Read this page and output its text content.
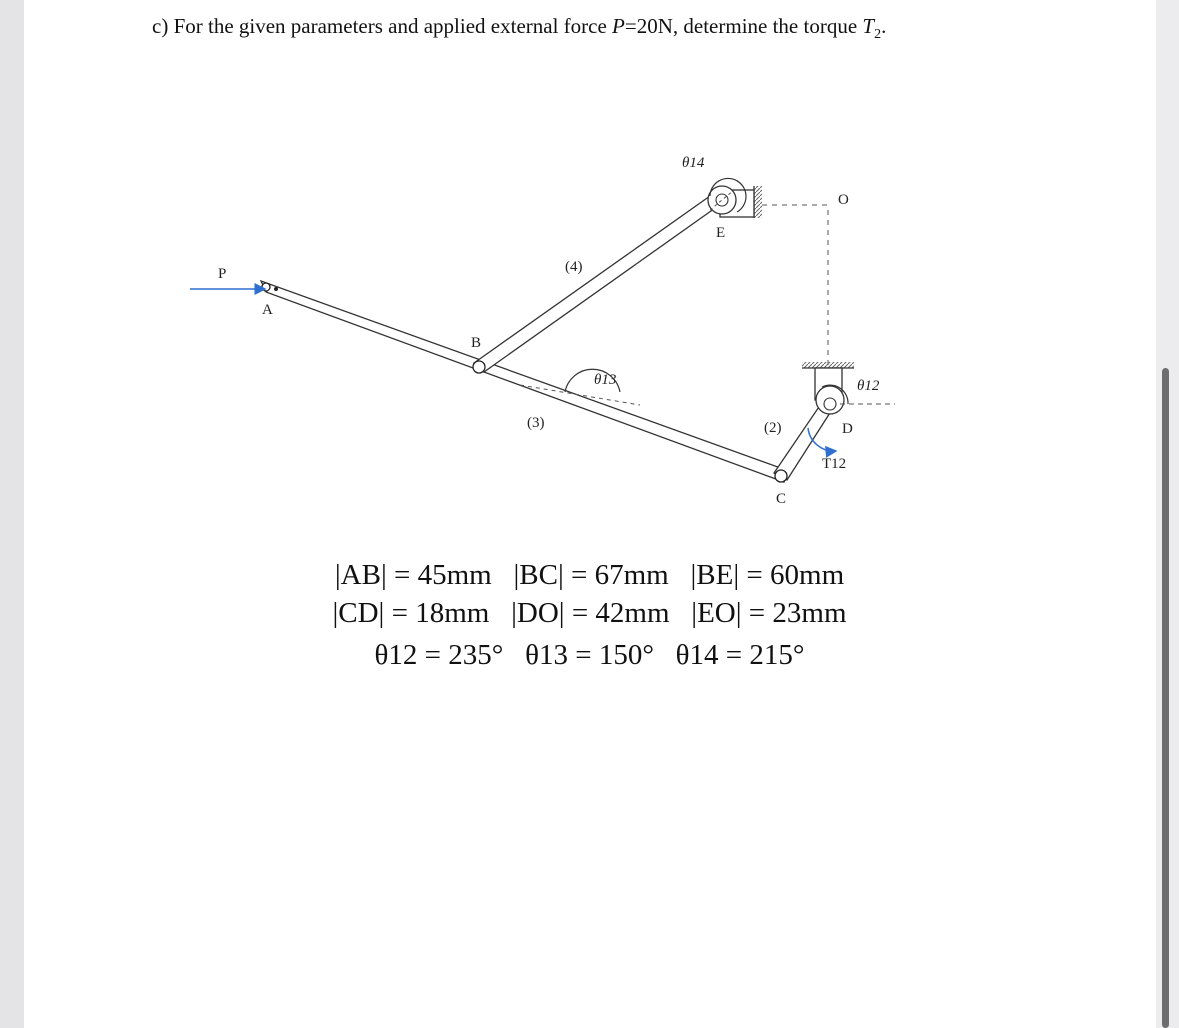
c) For the given parameters and applied external force P=20N, determine the torque $T_2$.
P
A
B
C
D
E
O
(2)
(3)
(4)
θ12
θ13
θ14
T12
|AB| = 45mm   |BC| = 67mm   |BE| = 60mm
|CD| = 18mm   |DO| = 42mm   |EO| = 23mm
θ12 = 235°   θ13 = 150°   θ14 = 215°
